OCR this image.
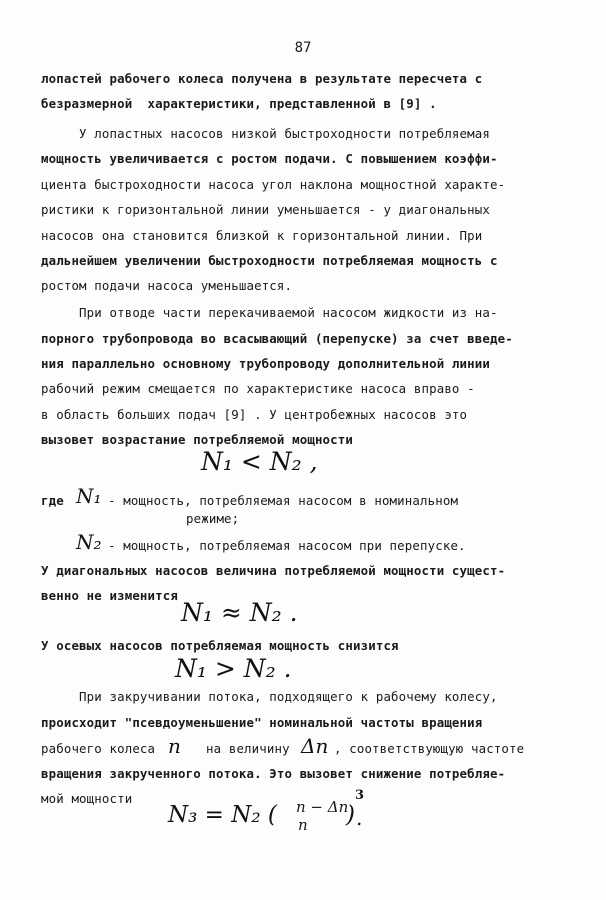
87
лопастей рабочего колеса получена в результате пересчета с
безразмерной  характеристики, представленной в [9] .
У лопастных насосов низкой быстроходности потребляемая
мощность увеличивается с ростом подачи. С повышением коэффи-
циента быстроходности насоса угол наклона мощностной характе-
ристики к горизонтальной линии уменьшается - у диагональных
насосов она становится близкой к горизонтальной линии. При
дальнейшем увеличении быстроходности потребляемая мощность с
ростом подачи насоса уменьшается.
При отводе части перекачиваемой насосом жидкости из на-
порного трубопровода во всасывающий (перепуске) за счет введе-
ния параллельно основному трубопроводу дополнительной линии
рабочий режим смещается по характеристике насоса вправо -
в область больших подач [9] . У центробежных насосов это
вызовет возрастание потребляемой мощности
N₁ < N₂ ,
где N₁ - мощность, потребляемая насосом в номинальном
режиме;
N₂ - мощность, потребляемая насосом при перепуске.
У диагональных насосов величина потребляемой мощности сущест-
венно не изменится
N₁ ≈ N₂ .
У осевых насосов потребляемая мощность снизится
N₁ > N₂ .
При закручивании потока, подходящего к рабочему колесу,
происходит "псевдоуменьшение" номинальной частоты вращения
рабочего колеса n на величину Δn , соответствующую частоте
вращения закрученного потока. Это вызовет снижение потребляе-
мой мощности
N₃ = N₂ ( n − Δn
n )
3
.
